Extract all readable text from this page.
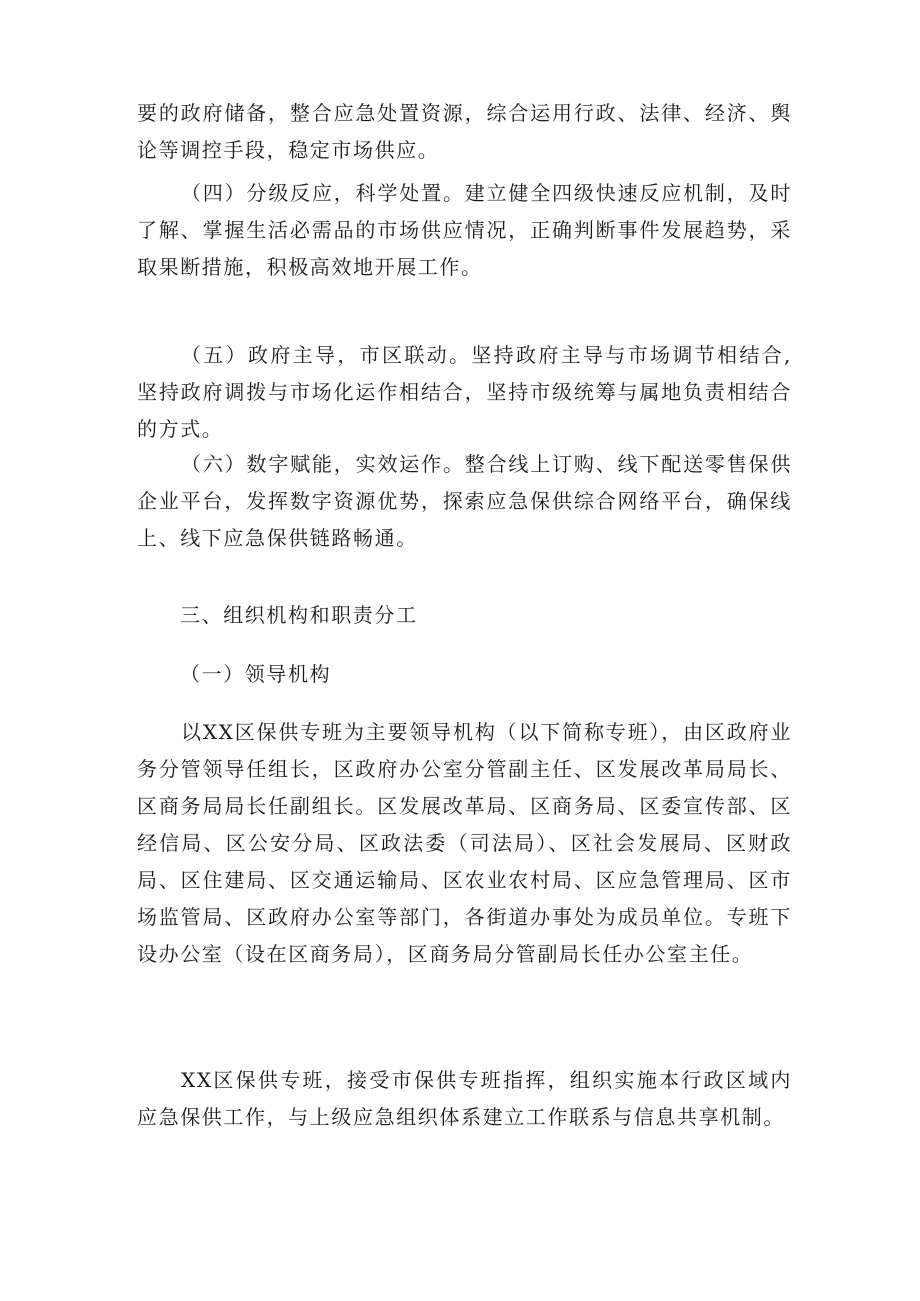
要的政府储备，整合应急处置资源，综合运用行政、法律、经济、舆论等调控手段，稳定市场供应。

（四）分级反应，科学处置。建立健全四级快速反应机制，及时了解、掌握生活必需品的市场供应情况，正确判断事件发展趋势，采取果断措施，积极高效地开展工作。

（五）政府主导，市区联动。坚持政府主导与市场调节相结合,坚持政府调拨与市场化运作相结合，坚持市级统筹与属地负责相结合的方式。

（六）数字赋能，实效运作。整合线上订购、线下配送零售保供企业平台，发挥数字资源优势，探索应急保供综合网络平台，确保线上、线下应急保供链路畅通。

三、组织机构和职责分工
（一）领导机构

以XX区保供专班为主要领导机构（以下简称专班），由区政府业务分管领导任组长，区政府办公室分管副主任、区发展改革局局长、区商务局局长任副组长。区发展改革局、区商务局、区委宣传部、区经信局、区公安分局、区政法委（司法局）、区社会发展局、区财政局、区住建局、区交通运输局、区农业农村局、区应急管理局、区市场监管局、区政府办公室等部门，各街道办事处为成员单位。专班下设办公室（设在区商务局），区商务局分管副局长任办公室主任。

XX区保供专班，接受市保供专班指挥，组织实施本行政区域内应急保供工作，与上级应急组织体系建立工作联系与信息共享机制。
